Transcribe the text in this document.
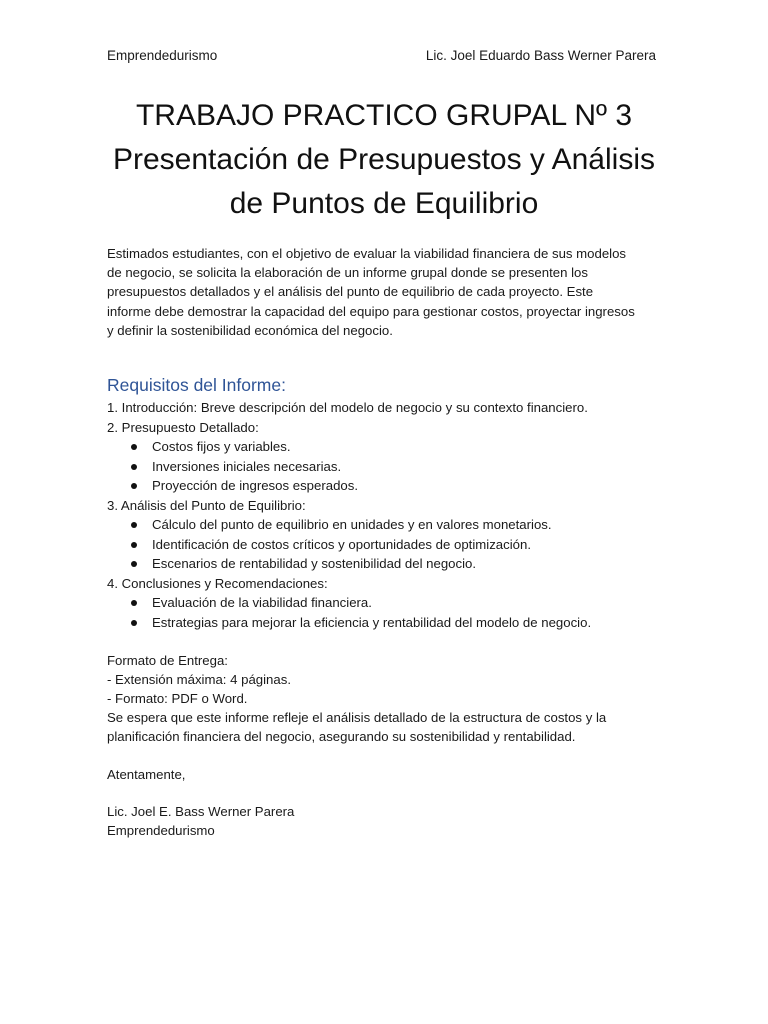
Emprendedurismo	Lic. Joel Eduardo Bass Werner Parera
TRABAJO PRACTICO GRUPAL Nº 3
Presentación de Presupuestos y Análisis
de Puntos de Equilibrio
Estimados estudiantes, con el objetivo de evaluar la viabilidad financiera de sus modelos
de negocio, se solicita la elaboración de un informe grupal donde se presenten los
presupuestos detallados y el análisis del punto de equilibrio de cada proyecto. Este
informe debe demostrar la capacidad del equipo para gestionar costos, proyectar ingresos
y definir la sostenibilidad económica del negocio.
Requisitos del Informe:
1. Introducción: Breve descripción del modelo de negocio y su contexto financiero.
2. Presupuesto Detallado:
Costos fijos y variables.
Inversiones iniciales necesarias.
Proyección de ingresos esperados.
3. Análisis del Punto de Equilibrio:
Cálculo del punto de equilibrio en unidades y en valores monetarios.
Identificación de costos críticos y oportunidades de optimización.
Escenarios de rentabilidad y sostenibilidad del negocio.
4. Conclusiones y Recomendaciones:
Evaluación de la viabilidad financiera.
Estrategias para mejorar la eficiencia y rentabilidad del modelo de negocio.
Formato de Entrega:
- Extensión máxima: 4 páginas.
- Formato: PDF o Word.
Se espera que este informe refleje el análisis detallado de la estructura de costos y la
planificación financiera del negocio, asegurando su sostenibilidad y rentabilidad.
Atentamente,
Lic. Joel E. Bass Werner Parera
Emprendedurismo
